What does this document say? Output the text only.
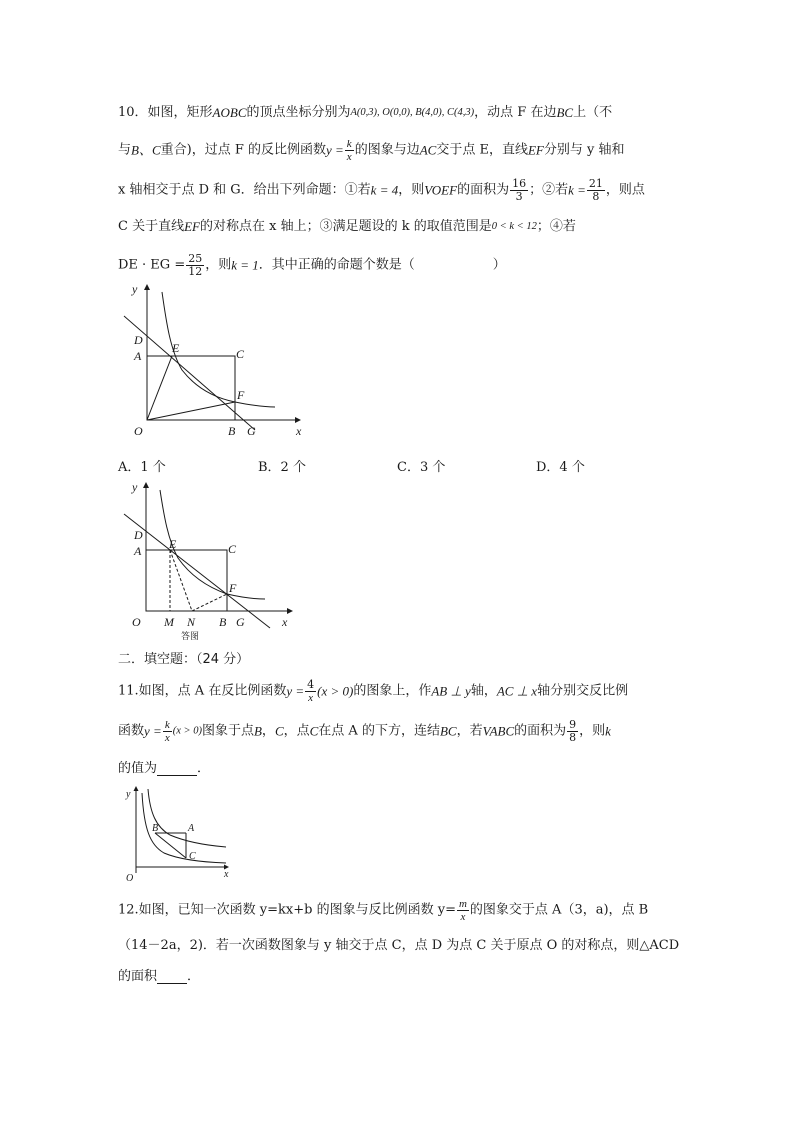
10．如图，矩形AOBC的顶点坐标分别为A(0,3), O(0,0), B(4,0), C(4,3)，动点 F 在边BC上（不
与B、C重合)，过点 F 的反比例函数$y = \frac{k}{x}$ 的图象与边AC交于点 E，直线EF分别与 y 轴和
x 轴相交于点 D 和 G．给出下列命题：①若k = 4，则VOEF的面积为 $\frac{16}{3}$ ；②若$k = \frac{21}{8}$ ，则点
C 关于直线EF的对称点在 x 轴上；③满足题设的 k 的取值范围是0 < k < 12；④若
DE · EG = $\frac{25}{12}$ ，则k = 1．其中正确的命题个数是（　　　　　　）
y
x
D
A
E	C
F
O	B G
A．1 个	B．2 个	C．3 个	D．4 个
y
x
D
A E	C
F
O M N B G
答图
二．填空题：（24 分）
11.如图，点 A 在反比例函数$y = \frac{4}{x} (x > 0)$的图象上，作AB ⊥ y轴，AC ⊥ x轴分别交反比例
函数$y = \frac{k}{x} (x > 0)$图象于点B，C，点C在点 A 的下方，连结BC，若VABC的面积为 $\frac{9}{8}$ ，则k
的值为	．
y
x
B	A
C
O
12.如图，已知一次函数 y=kx+b 的图象与反比例函数 $y= \frac{m}{x}$ 的图象交于点 A（3，a)，点 B
（14－2a，2)．若一次函数图象与 y 轴交于点 C，点 D 为点 C 关于原点 O 的对称点，则△ACD
的面积 ．
